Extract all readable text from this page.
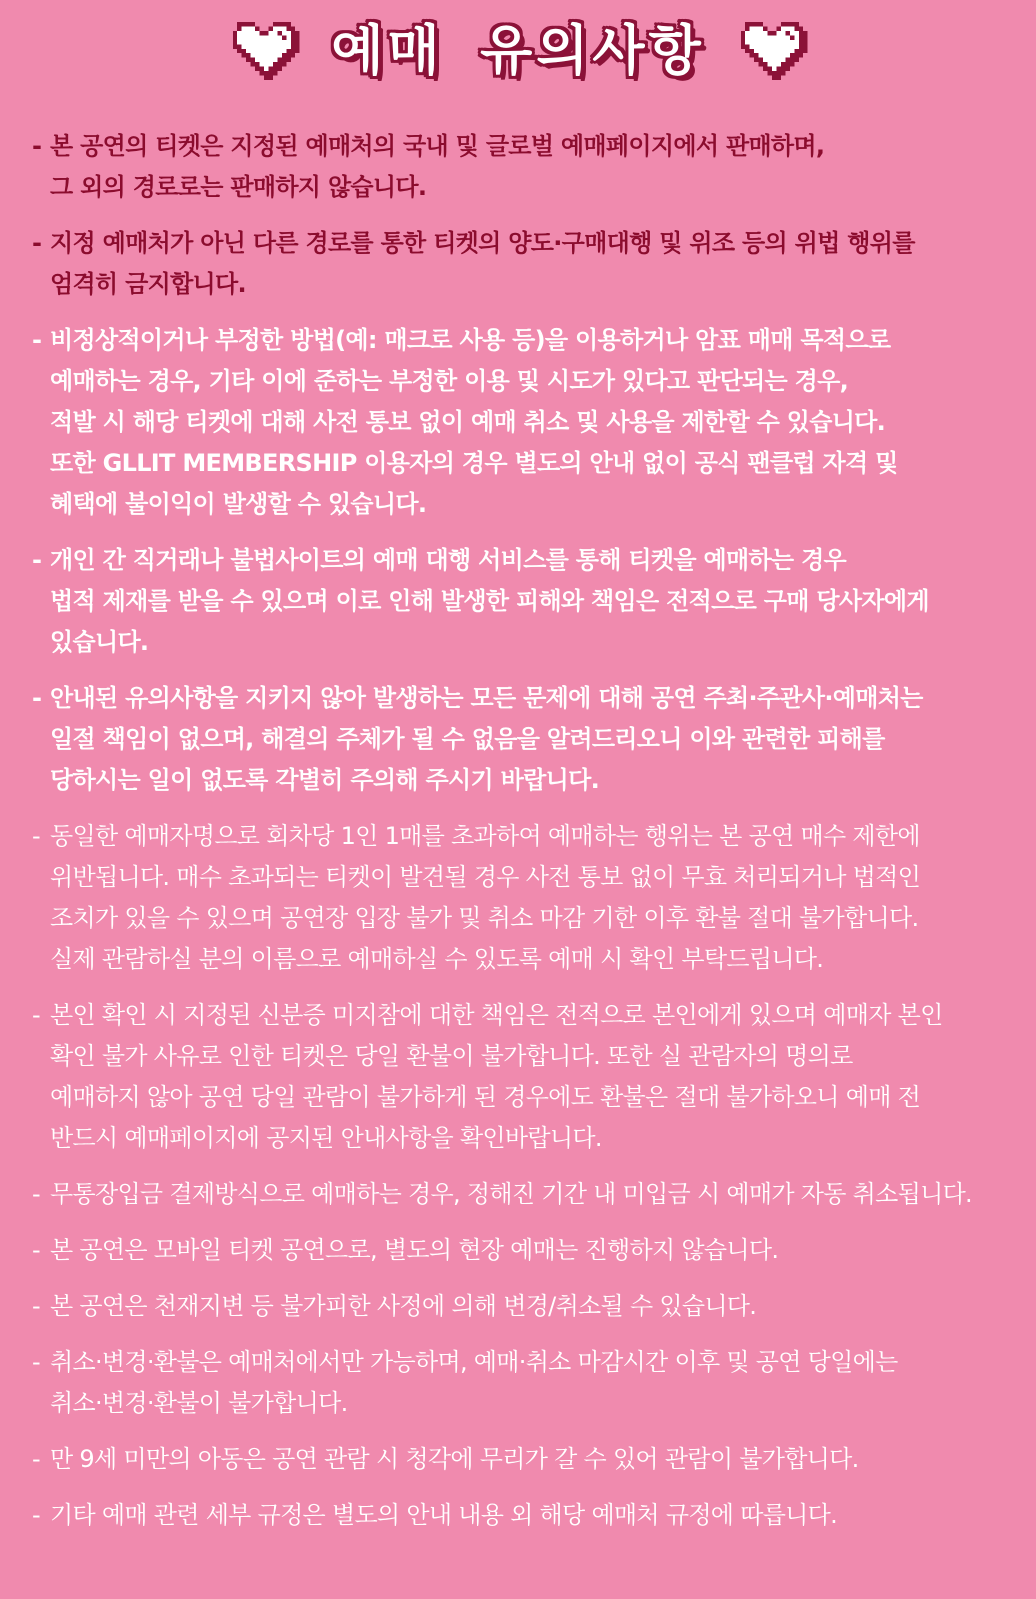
예매 유의사항
- 본 공연의 티켓은 지정된 예매처의 국내 및 글로벌 예매페이지에서 판매하며,
그 외의 경로로는 판매하지 않습니다.
- 지정 예매처가 아닌 다른 경로를 통한 티켓의 양도·구매대행 및 위조 등의 위법 행위를
엄격히 금지합니다.
- 비정상적이거나 부정한 방법(예: 매크로 사용 등)을 이용하거나 암표 매매 목적으로
예매하는 경우, 기타 이에 준하는 부정한 이용 및 시도가 있다고 판단되는 경우,
적발 시 해당 티켓에 대해 사전 통보 없이 예매 취소 및 사용을 제한할 수 있습니다.
또한 GLLIT MEMBERSHIP 이용자의 경우 별도의 안내 없이 공식 팬클럽 자격 및
혜택에 불이익이 발생할 수 있습니다.
- 개인 간 직거래나 불법사이트의 예매 대행 서비스를 통해 티켓을 예매하는 경우
법적 제재를 받을 수 있으며 이로 인해 발생한 피해와 책임은 전적으로 구매 당사자에게
있습니다.
- 안내된 유의사항을 지키지 않아 발생하는 모든 문제에 대해 공연 주최·주관사·예매처는
일절 책임이 없으며, 해결의 주체가 될 수 없음을 알려드리오니 이와 관련한 피해를
당하시는 일이 없도록 각별히 주의해 주시기 바랍니다.
- 동일한 예매자명으로 회차당 1인 1매를 초과하여 예매하는 행위는 본 공연 매수 제한에
위반됩니다. 매수 초과되는 티켓이 발견될 경우 사전 통보 없이 무효 처리되거나 법적인
조치가 있을 수 있으며 공연장 입장 불가 및 취소 마감 기한 이후 환불 절대 불가합니다.
실제 관람하실 분의 이름으로 예매하실 수 있도록 예매 시 확인 부탁드립니다.
- 본인 확인 시 지정된 신분증 미지참에 대한 책임은 전적으로 본인에게 있으며 예매자 본인
확인 불가 사유로 인한 티켓은 당일 환불이 불가합니다. 또한 실 관람자의 명의로
예매하지 않아 공연 당일 관람이 불가하게 된 경우에도 환불은 절대 불가하오니 예매 전
반드시 예매페이지에 공지된 안내사항을 확인바랍니다.
- 무통장입금 결제방식으로 예매하는 경우, 정해진 기간 내 미입금 시 예매가 자동 취소됩니다.
- 본 공연은 모바일 티켓 공연으로, 별도의 현장 예매는 진행하지 않습니다.
- 본 공연은 천재지변 등 불가피한 사정에 의해 변경/취소될 수 있습니다.
- 취소·변경·환불은 예매처에서만 가능하며, 예매·취소 마감시간 이후 및 공연 당일에는
취소·변경·환불이 불가합니다.
- 만 9세 미만의 아동은 공연 관람 시 청각에 무리가 갈 수 있어 관람이 불가합니다.
- 기타 예매 관련 세부 규정은 별도의 안내 내용 외 해당 예매처 규정에 따릅니다.
